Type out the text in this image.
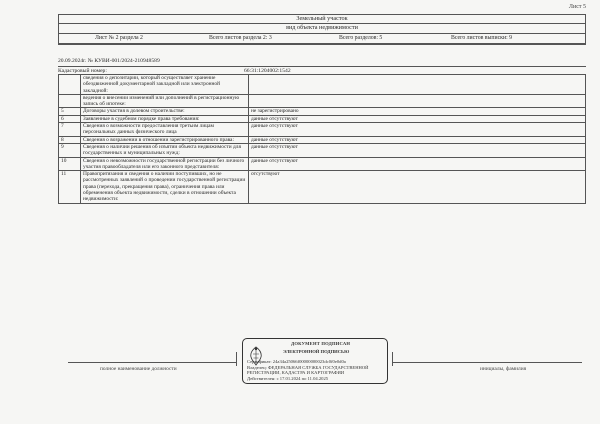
Лист 5
Земельный участок
вид объекта недвижимости
Лист № 2 раздела 2	Всего листов раздела 2: 3	Всего разделов: 5	Всего листов выписки: 9
20.09.2024г. № КУВИ-001/2024-210948589
Кадастровый номер:	66:31:1204002:1542
	сведения о депозитарии, который осуществляет хранение обездвиженной документарной закладной или электронной закладной:	
	ведения о внесении изменений или дополнений в регистрационную запись об ипотеке:	
5	Договоры участия в долевом строительстве:	не зарегистрировано
6	Заявленные в судебном порядке права требования:	данные отсутствуют
7	Сведения о возможности предоставления третьим лицам персональных данных физического лица	данные отсутствуют
8	Сведения о возражении в отношении зарегистрированного права:	данные отсутствуют
9	Сведения о наличии решения об изъятии объекта недвижимости для государственных и муниципальных нужд:	данные отсутствуют
10	Сведения о невозможности государственной регистрации без личного участия правообладателя или его законного представителя:	данные отсутствуют
11	Правопритязания и сведения о наличии поступивших, но не рассмотренных заявлений о проведении государственной регистрации права (перехода, прекращения права), ограничения права или обременения объекта недвижимости, сделки в отношении объекта недвижимости:	отсутствуют
полное наименование должности	инициалы, фамилия
ДОКУМЕНТ ПОДПИСАН
ЭЛЕКТРОННОЙ ПОДПИСЬЮ
Сертификат: 24a34a25066f00000000023dc0f0e0d0a
Владелец: ФЕДЕРАЛЬНАЯ СЛУЖБА ГОСУДАРСТВЕННОЙ
РЕГИСТРАЦИИ, КАДАСТРА И КАРТОГРАФИИ
Действителен: с 17.01.2024 по 11.04.2025
